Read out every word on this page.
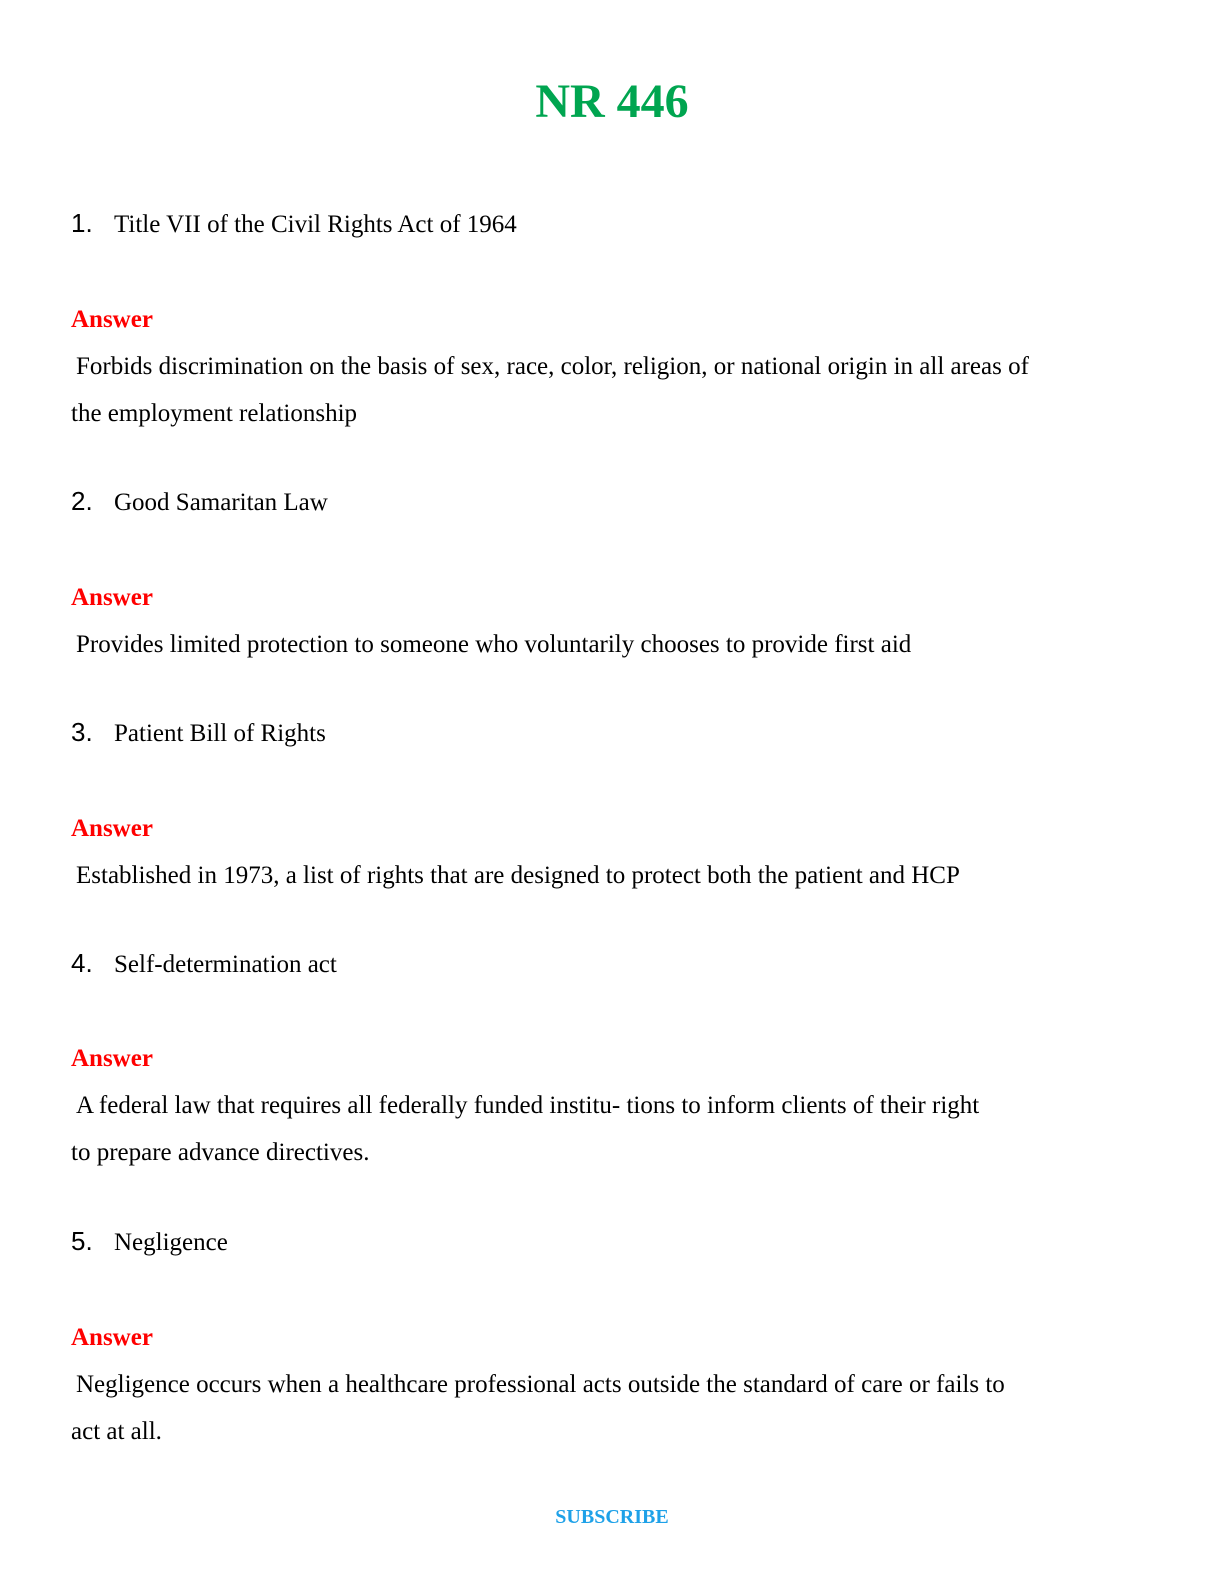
NR 446
1. Title VII of the Civil Rights Act of 1964
Answer
Forbids discrimination on the basis of sex, race, color, religion, or national origin in all areas of
the employment relationship
2. Good Samaritan Law
Answer
Provides limited protection to someone who voluntarily chooses to provide first aid
3. Patient Bill of Rights
Answer
Established in 1973, a list of rights that are designed to protect both the patient and HCP
4. Self-determination act
Answer
A federal law that requires all federally funded institu- tions to inform clients of their right
to prepare advance directives.
5. Negligence
Answer
Negligence occurs when a healthcare professional acts outside the standard of care or fails to
act at all.
SUBSCRIBE
